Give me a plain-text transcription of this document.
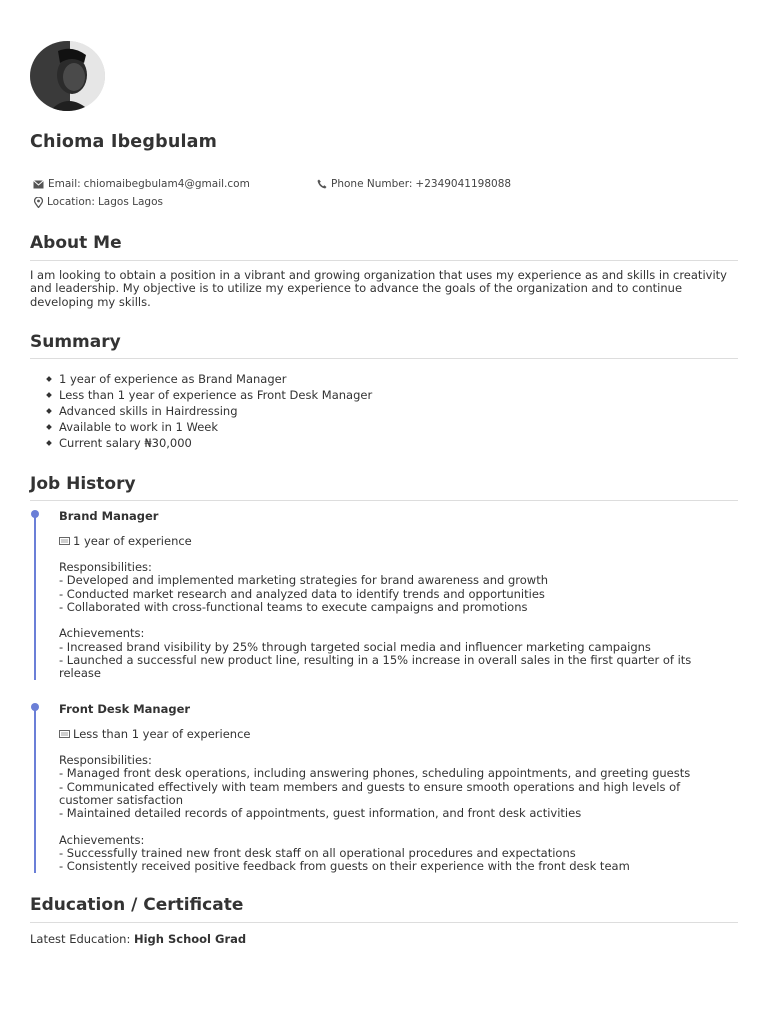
Chioma Ibegbulam
Email: chiomaibegbulam4@gmail.com	Phone Number: +2349041198088
Location: Lagos Lagos
About Me
I am looking to obtain a position in a vibrant and growing organization that uses my experience as and skills in creativity and leadership. My objective is to utilize my experience to advance the goals of the organization and to continue developing my skills.
Summary
1 year of experience as Brand Manager
Less than 1 year of experience as Front Desk Manager
Advanced skills in Hairdressing
Available to work in 1 Week
Current salary ₦30,000
Job History
Brand Manager
1 year of experience
Responsibilities:
- Developed and implemented marketing strategies for brand awareness and growth
- Conducted market research and analyzed data to identify trends and opportunities
- Collaborated with cross-functional teams to execute campaigns and promotions
Achievements:
- Increased brand visibility by 25% through targeted social media and influencer marketing campaigns
- Launched a successful new product line, resulting in a 15% increase in overall sales in the first quarter of its release
Front Desk Manager
Less than 1 year of experience
Responsibilities:
- Managed front desk operations, including answering phones, scheduling appointments, and greeting guests
- Communicated effectively with team members and guests to ensure smooth operations and high levels of customer satisfaction
- Maintained detailed records of appointments, guest information, and front desk activities
Achievements:
- Successfully trained new front desk staff on all operational procedures and expectations
- Consistently received positive feedback from guests on their experience with the front desk team
Education / Certificate
Latest Education: High School Grad
